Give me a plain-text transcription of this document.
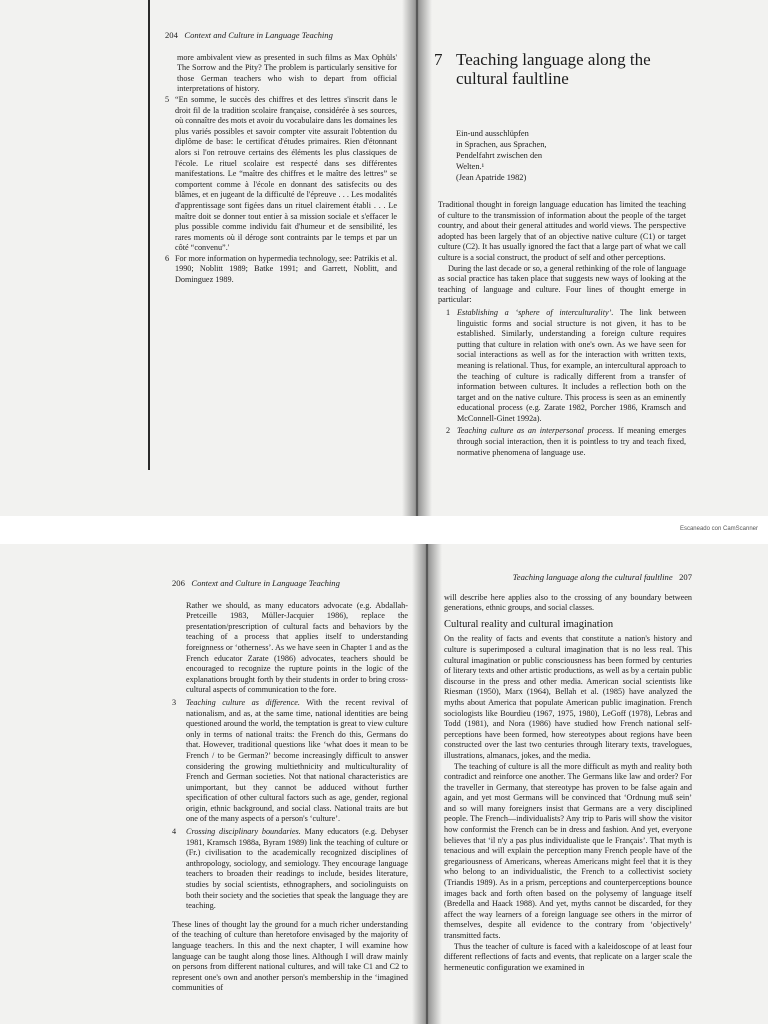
204 Context and Culture in Language Teaching

more ambivalent view as presented in such films as Max Ophüls' The Sorrow and the Pity? The problem is particularly sensitive for those German teachers who wish to depart from official interpretations of history.

5 “En somme, le succès des chiffres et des lettres s'inscrit dans le droit fil de la tradition scolaire française, considérée à ses sources, où connaître des mots et avoir du vocabulaire dans les domaines les plus variés possibles et savoir compter vite assurait l'obtention du diplôme de base: le certificat d'études primaires. Rien d'étonnant alors si l'on retrouve certains des éléments les plus classiques de l'école. Le rituel scolaire est respecté dans ses différentes manifestations. Le “maître des chiffres et le maître des lettres” se comportent comme à l'école en donnant des satisfecits ou des blâmes, et en jugeant de la difficulté de l'épreuve . . . Les modalités d'apprentissage sont figées dans un rituel clairement établi . . . Le maître doit se donner tout entier à sa mission sociale et s'effacer le plus possible comme individu fait d'humeur et de sensibilité, les rares moments où il déroge sont contraints par le temps et par un côté “convenu”.'
6 For more information on hypermedia technology, see: Patrikis et al. 1990; Noblitt 1989; Batke 1991; and Garrett, Noblitt, and Dominguez 1989.
7 Teaching language along the cultural faultline
Ein-und ausschlüpfen
in Sprachen, aus Sprachen,
Pendelfahrt zwischen den
Welten.¹
(Jean Apatride 1982)

Traditional thought in foreign language education has limited the teaching of culture to the transmission of information about the people of the target country, and about their general attitudes and world views. The perspective adopted has been largely that of an objective native culture (C1) or target culture (C2). It has usually ignored the fact that a large part of what we call culture is a social construct, the product of self and other perceptions.

During the last decade or so, a general rethinking of the role of language as social practice has taken place that suggests new ways of looking at the teaching of language and culture. Four lines of thought emerge in particular:

1 Establishing a ‘sphere of interculturality’. The link between linguistic forms and social structure is not given, it has to be established. Similarly, understanding a foreign culture requires putting that culture in relation with one's own. As we have seen for social interactions as well as for the interaction with written texts, meaning is relational. Thus, for example, an intercultural approach to the teaching of culture is radically different from a transfer of information between cultures. It includes a reflection both on the target and on the native culture. This process is seen as an eminently educational process (e.g. Zarate 1982, Porcher 1986, Kramsch and McConnell-Ginet 1992a).
2 Teaching culture as an interpersonal process. If meaning emerges through social interaction, then it is pointless to try and teach fixed, normative phenomena of language use.
Escaneado con CamScanner
206 Context and Culture in Language Teaching

Rather we should, as many educators advocate (e.g. Abdallah-Pretceille 1983, Müller-Jacquier 1986), replace the presentation/prescription of cultural facts and behaviors by the teaching of a process that applies itself to understanding foreignness or ‘otherness’. As we have seen in Chapter 1 and as the French educator Zarate (1986) advocates, teachers should be encouraged to recognize the rupture points in the logic of the explanations brought forth by their students in order to bring cross-cultural aspects of communication to the fore.

3	Teaching culture as difference. With the recent revival of nationalism, and as, at the same time, national identities are being questioned around the world, the temptation is great to view culture only in terms of national traits: the French do this, Germans do that. However, traditional questions like ‘what does it mean to be French / to be German?’ become increasingly difficult to answer considering the growing multiethnicity and multiculturality of French and German societies. Not that national characteristics are unimportant, but they cannot be adduced without further specification of other cultural factors such as age, gender, regional origin, ethnic background, and social class. National traits are but one of the many aspects of a person's ‘culture’.
4	Crossing disciplinary boundaries. Many educators (e.g. Debyser 1981, Kramsch 1988a, Byram 1989) link the teaching of culture or (Fr.) civilisation to the academically recognized disciplines of anthropology, sociology, and semiology. They encourage language teachers to broaden their readings to include, besides literature, studies by social scientists, ethnographers, and sociolinguists on both their society and the societies that speak the language they are teaching.

These lines of thought lay the ground for a much richer understanding of the teaching of culture than heretofore envisaged by the majority of language teachers. In this and the next chapter, I will examine how language can be taught along those lines. Although I will draw mainly on persons from different national cultures, and will take C1 and C2 to represent one's own and another person's membership in the ‘imagined communities of

Teaching language along the cultural faultline 207

will describe here applies also to the crossing of any boundary between generations, ethnic groups, and social classes.

Cultural reality and cultural imagination

On the reality of facts and events that constitute a nation's history and culture is superimposed a cultural imagination that is no less real. This cultural imagination or public consciousness has been formed by centuries of literary texts and other artistic productions, as well as by a certain public discourse in the press and other media. American social scientists like Riesman (1950), Marx (1964), Bellah et al. (1985) have analyzed the myths about America that populate American public imagination. French sociologists like Bourdieu (1967, 1975, 1980), LeGoff (1978), Lebras and Todd (1981), and Nora (1986) have studied how French national self-perceptions have been formed, how stereotypes about regions have been constructed over the last two centuries through literary texts, travelogues, illustrations, almanacs, jokes, and the media.

The teaching of culture is all the more difficult as myth and reality both contradict and reinforce one another. The Germans like law and order? For the traveller in Germany, that stereotype has proven to be false again and again, and yet most Germans will be convinced that ‘Ordnung muß sein’ and so will many foreigners insist that Germans are a very disciplined people. The French—individualists? Any trip to Paris will show the visitor how conformist the French can be in dress and fashion. And yet, everyone believes that ‘il n'y a pas plus individualiste que le Français’. That myth is tenacious and will explain the perception many French people have of the gregariousness of Americans, whereas Americans might feel that it is they who belong to an individualistic, the French to a collectivist society (Triandis 1989). As in a prism, perceptions and counterperceptions bounce images back and forth often based on the polysemy of language itself (Bredella and Haack 1988). And yet, myths cannot be discarded, for they affect the way learners of a foreign language see others in the mirror of themselves, despite all evidence to the contrary from ‘objectively’ transmitted facts.

Thus the teacher of culture is faced with a kaleidoscope of at least four different reflections of facts and events, that replicate on a larger scale the hermeneutic configuration we examined in
